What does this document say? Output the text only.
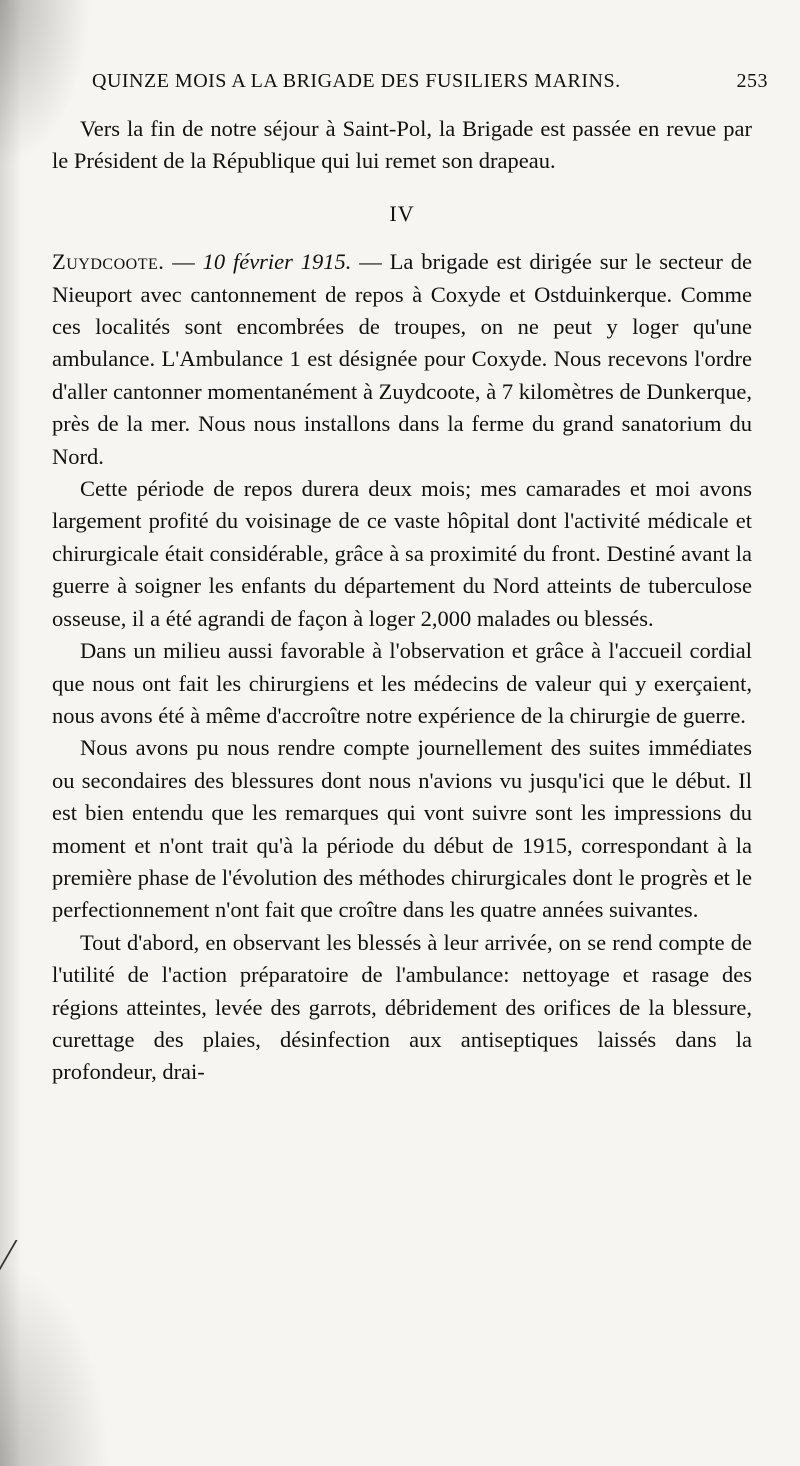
QUINZE MOIS A LA BRIGADE DES FUSILIERS MARINS.	253

Vers la fin de notre séjour à Saint-Pol, la Brigade est passée en revue par le Président de la République qui lui remet son drapeau.

IV

Zuydcoote. — 10 février 1915. — La brigade est dirigée sur le secteur de Nieuport avec cantonnement de repos à Coxyde et Ostduinkerque. Comme ces localités sont encombrées de troupes, on ne peut y loger qu'une ambulance. L'Ambulance 1 est désignée pour Coxyde. Nous recevons l'ordre d'aller cantonner momentanément à Zuydcoote, à 7 kilomètres de Dunkerque, près de la mer. Nous nous installons dans la ferme du grand sanatorium du Nord.

Cette période de repos durera deux mois; mes camarades et moi avons largement profité du voisinage de ce vaste hôpital dont l'activité médicale et chirurgicale était considérable, grâce à sa proximité du front. Destiné avant la guerre à soigner les enfants du département du Nord atteints de tuberculose osseuse, il a été agrandi de façon à loger 2,000 malades ou blessés.

Dans un milieu aussi favorable à l'observation et grâce à l'accueil cordial que nous ont fait les chirurgiens et les médecins de valeur qui y exerçaient, nous avons été à même d'accroître notre expérience de la chirurgie de guerre.

Nous avons pu nous rendre compte journellement des suites immédiates ou secondaires des blessures dont nous n'avions vu jusqu'ici que le début. Il est bien entendu que les remarques qui vont suivre sont les impressions du moment et n'ont trait qu'à la période du début de 1915, correspondant à la première phase de l'évolution des méthodes chirurgicales dont le progrès et le perfectionnement n'ont fait que croître dans les quatre années suivantes.

Tout d'abord, en observant les blessés à leur arrivée, on se rend compte de l'utilité de l'action préparatoire de l'ambulance: nettoyage et rasage des régions atteintes, levée des garrots, débridement des orifices de la blessure, curettage des plaies, désinfection aux antiseptiques laissés dans la profondeur, drai-
